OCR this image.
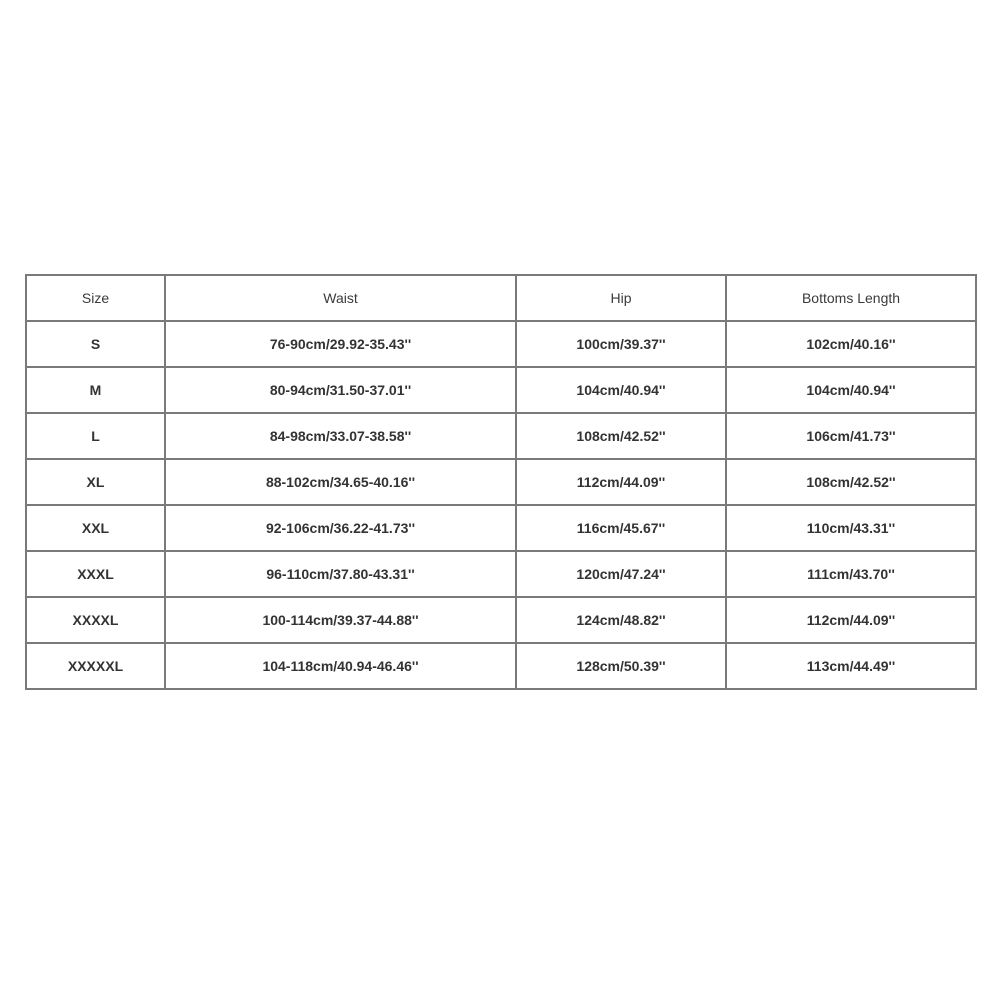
Size	Waist	Hip	Bottoms Length
S	76-90cm/29.92-35.43''	100cm/39.37''	102cm/40.16''
M	80-94cm/31.50-37.01''	104cm/40.94''	104cm/40.94''
L	84-98cm/33.07-38.58''	108cm/42.52''	106cm/41.73''
XL	88-102cm/34.65-40.16''	112cm/44.09''	108cm/42.52''
XXL	92-106cm/36.22-41.73''	116cm/45.67''	110cm/43.31''
XXXL	96-110cm/37.80-43.31''	120cm/47.24''	111cm/43.70''
XXXXL	100-114cm/39.37-44.88''	124cm/48.82''	112cm/44.09''
XXXXXL	104-118cm/40.94-46.46''	128cm/50.39''	113cm/44.49''
